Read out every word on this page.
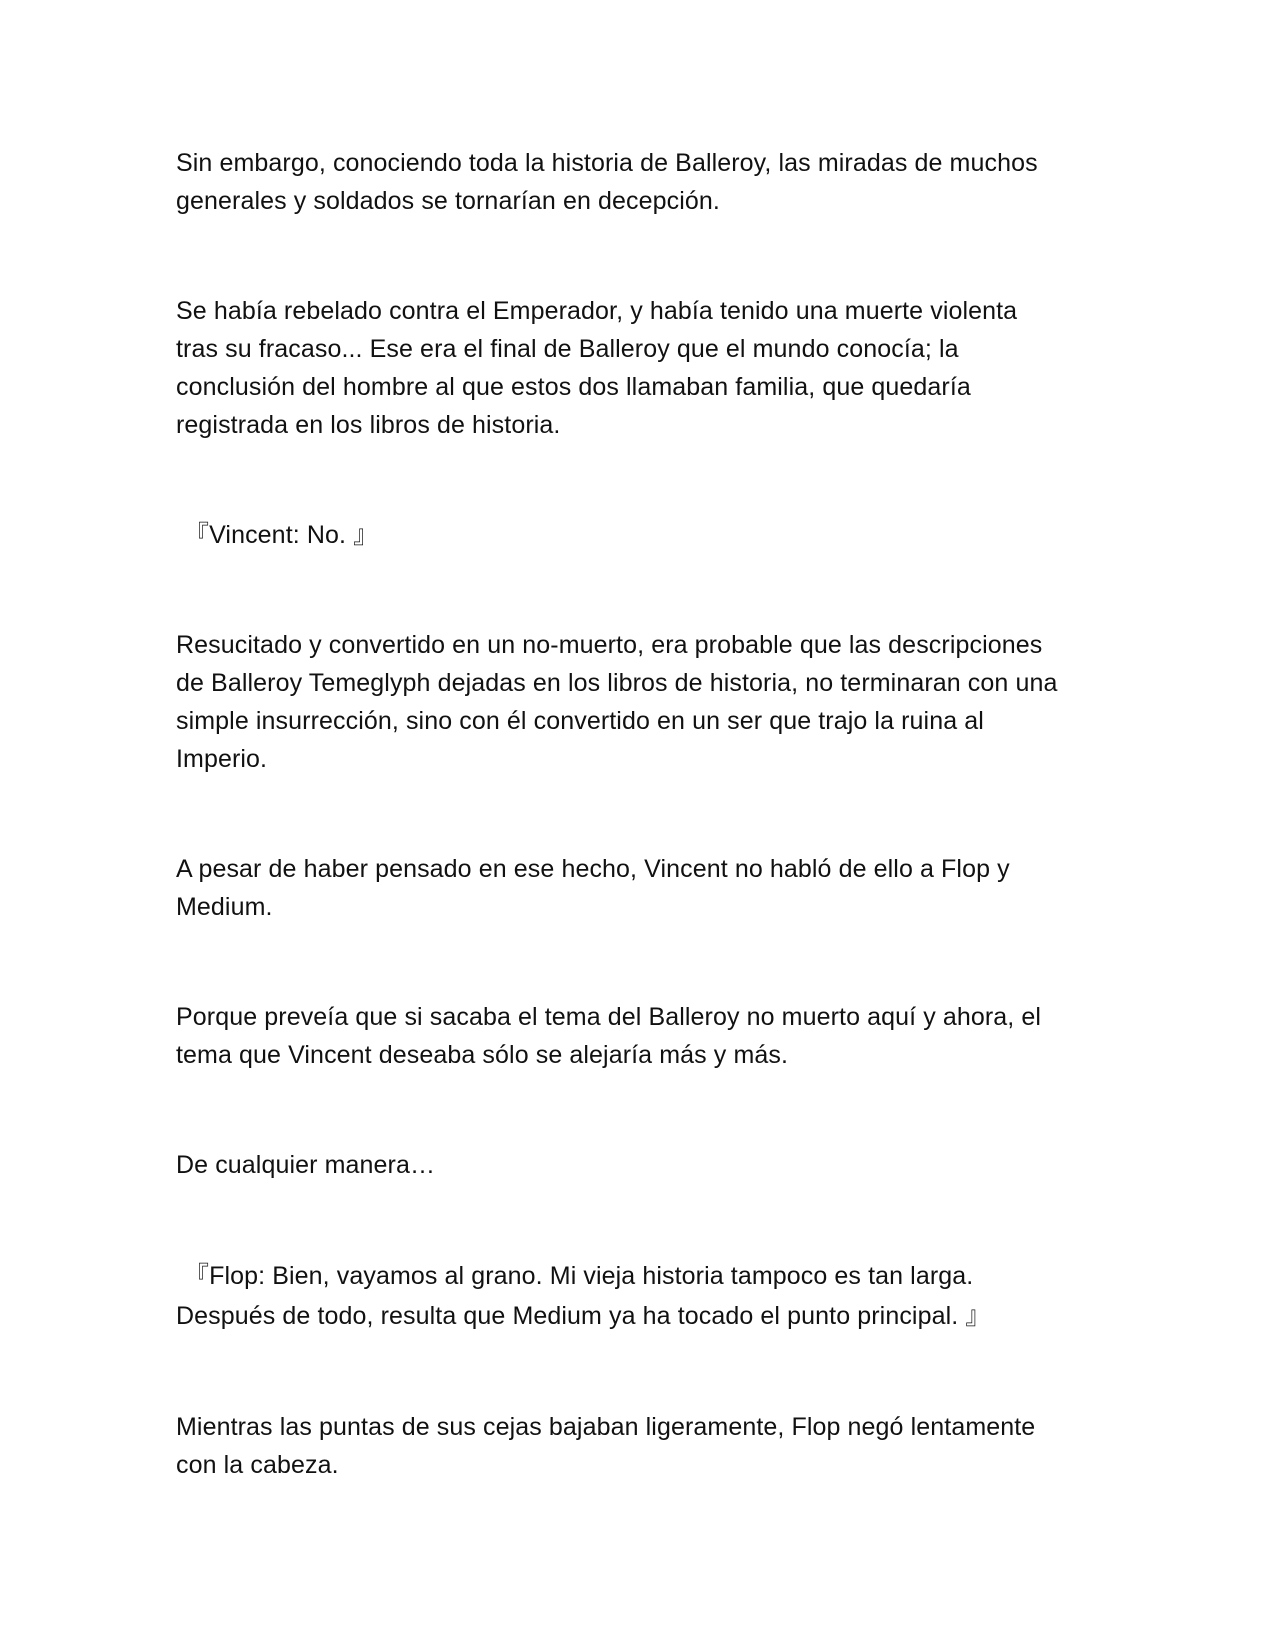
Sin embargo, conociendo toda la historia de Balleroy, las miradas de muchos generales y soldados se tornarían en decepción.

Se había rebelado contra el Emperador, y había tenido una muerte violenta tras su fracaso... Ese era el final de Balleroy que el mundo conocía; la conclusión del hombre al que estos dos llamaban familia, que quedaría registrada en los libros de historia.

『Vincent: No. 』

Resucitado y convertido en un no-muerto, era probable que las descripciones de Balleroy Temeglyph dejadas en los libros de historia, no terminaran con una simple insurrección, sino con él convertido en un ser que trajo la ruina al Imperio.

A pesar de haber pensado en ese hecho, Vincent no habló de ello a Flop y Medium.

Porque preveía que si sacaba el tema del Balleroy no muerto aquí y ahora, el tema que Vincent deseaba sólo se alejaría más y más.

De cualquier manera…

『Flop: Bien, vayamos al grano. Mi vieja historia tampoco es tan larga. Después de todo, resulta que Medium ya ha tocado el punto principal. 』

Mientras las puntas de sus cejas bajaban ligeramente, Flop negó lentamente con la cabeza.
